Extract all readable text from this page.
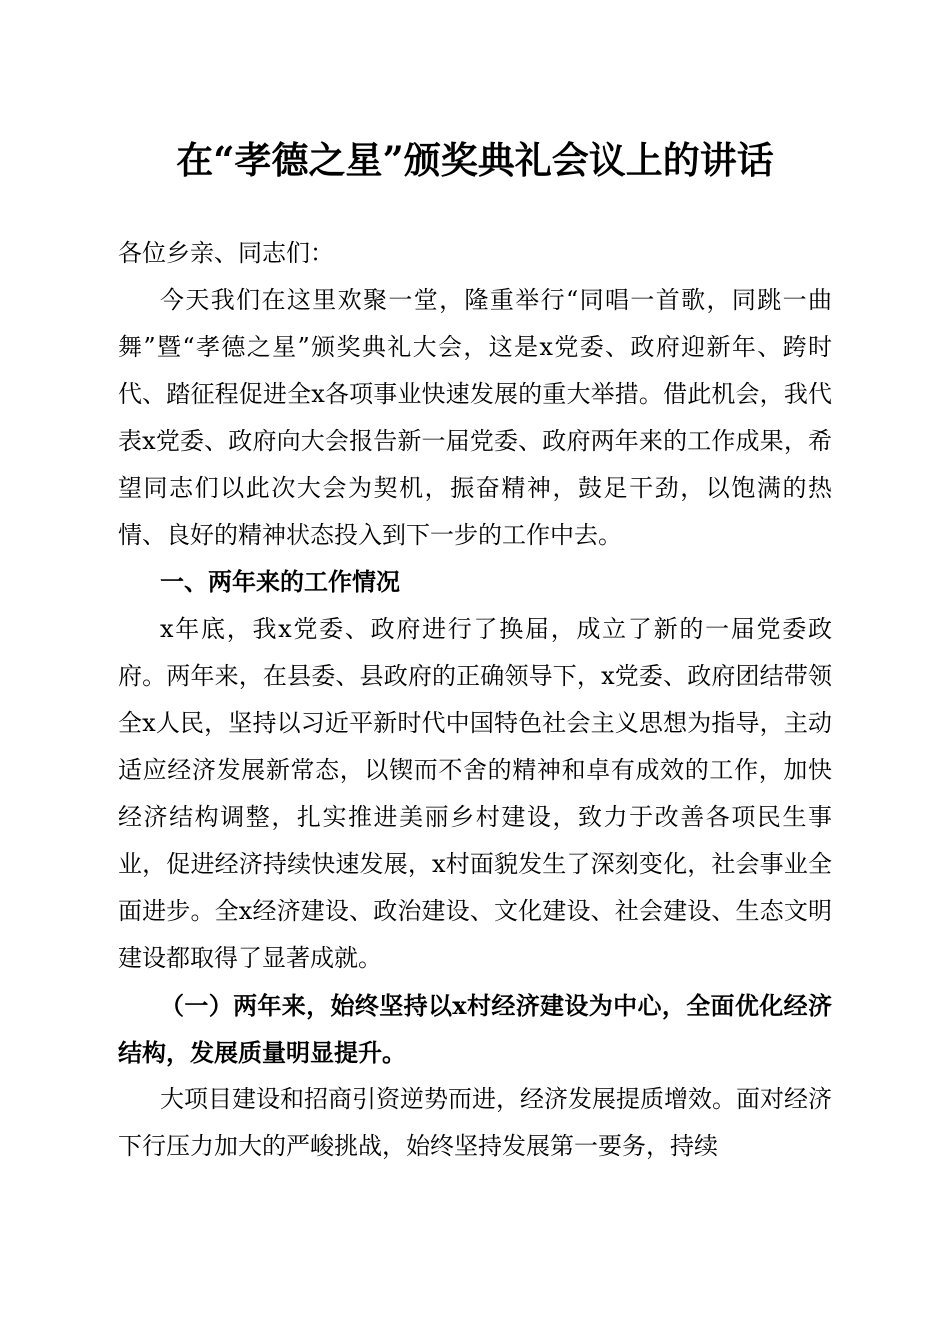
在“孝德之星”颁奖典礼会议上的讲话

各位乡亲、同志们：

今天我们在这里欢聚一堂，隆重举行“同唱一首歌，同跳一曲舞”暨“孝德之星”颁奖典礼大会，这是x党委、政府迎新年、跨时代、踏征程促进全x各项事业快速发展的重大举措。借此机会，我代表x党委、政府向大会报告新一届党委、政府两年来的工作成果，希望同志们以此次大会为契机，振奋精神，鼓足干劲，以饱满的热情、良好的精神状态投入到下一步的工作中去。

一、两年来的工作情况

x年底，我x党委、政府进行了换届，成立了新的一届党委政府。两年来，在县委、县政府的正确领导下，x党委、政府团结带领全x人民，坚持以习近平新时代中国特色社会主义思想为指导，主动适应经济发展新常态，以锲而不舍的精神和卓有成效的工作，加快经济结构调整，扎实推进美丽乡村建设，致力于改善各项民生事业，促进经济持续快速发展，x村面貌发生了深刻变化，社会事业全面进步。全x经济建设、政治建设、文化建设、社会建设、生态文明建设都取得了显著成就。

（一）两年来，始终坚持以x村经济建设为中心，全面优化经济结构，发展质量明显提升。

大项目建设和招商引资逆势而进，经济发展提质增效。面对经济下行压力加大的严峻挑战，始终坚持发展第一要务，持续
